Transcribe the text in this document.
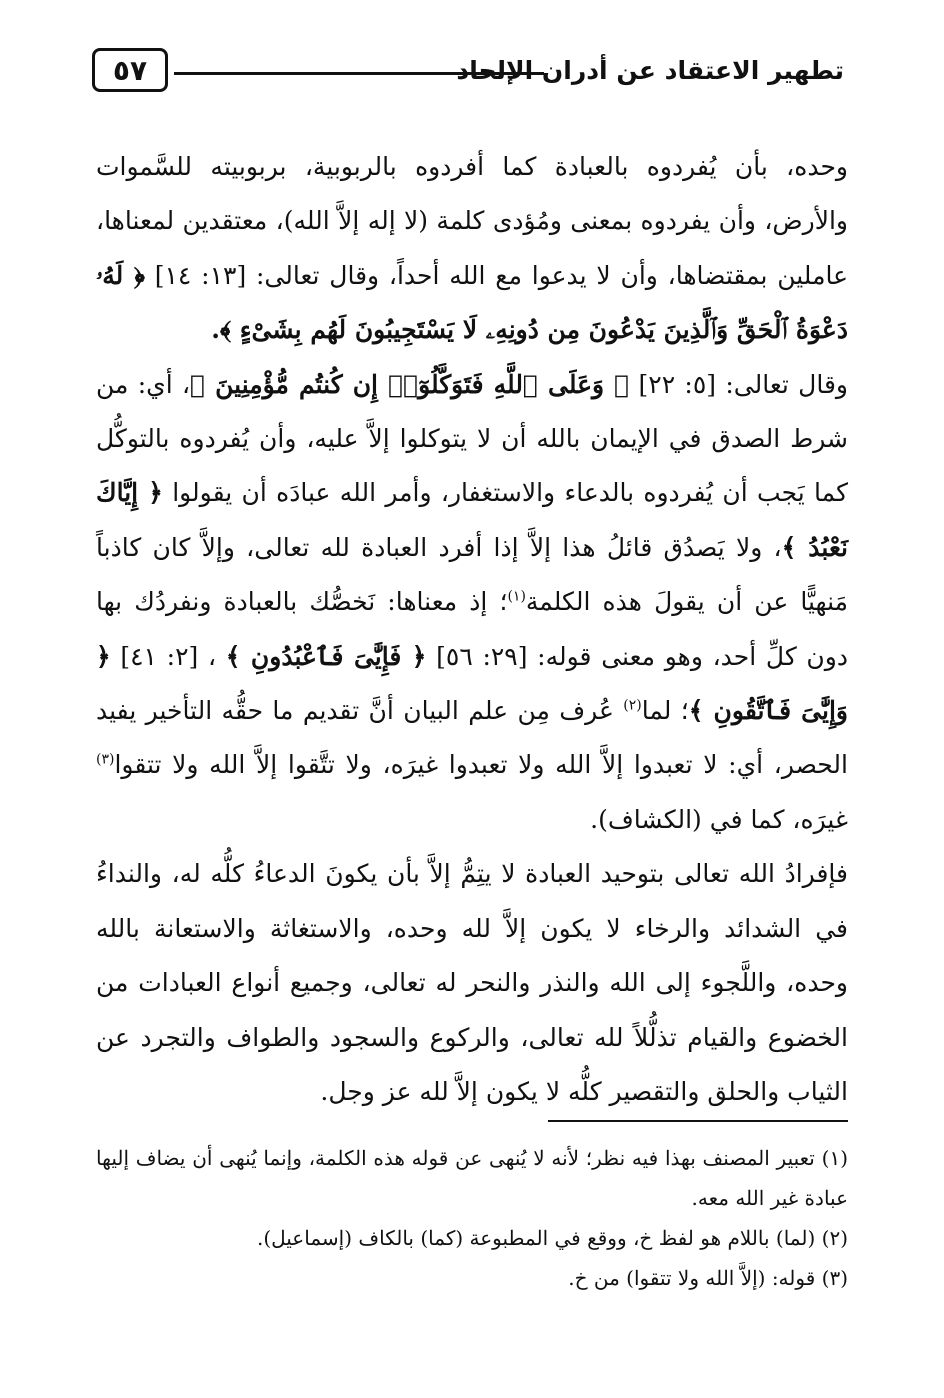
تطهير الاعتقاد عن أدران الإلحاد
٥٧

وحده، بأن يُفردوه بالعبادة كما أفردوه بالربوبية، بربوبيته للسَّموات والأرض، وأن يفردوه بمعنى ومُؤدى كلمة (لا إله إلاَّ الله)، معتقدين لمعناها، عاملين بمقتضاها، وأن لا يدعوا مع الله أحداً، وقال تعالى: [١٣: ١٤] ﴿ لَهُۥ دَعْوَةُ ٱلْحَقِّ وَٱلَّذِينَ يَدْعُونَ مِن دُونِهِۦ لَا يَسْتَجِيبُونَ لَهُم بِشَىْءٍ ﴾.

وقال تعالى: [٥: ٢٢] ﴿ وَعَلَى ٱللَّهِ فَتَوَكَّلُوٓا۟ إِن كُنتُم مُّؤْمِنِينَ ﴾، أي: من شرط الصدق في الإيمان بالله أن لا يتوكلوا إلاَّ عليه، وأن يُفردوه بالتوكُّل كما يَجب أن يُفردوه بالدعاء والاستغفار، وأمر الله عبادَه أن يقولوا ﴿ إِيَّاكَ نَعْبُدُ ﴾، ولا يَصدُق قائلُ هذا إلاَّ إذا أفرد العبادة لله تعالى، وإلاَّ كان كاذباً مَنهيًّا عن أن يقولَ هذه الكلمة$^{(١)}$؛ إذ معناها: نَخصُّك بالعبادة ونفردُك بها دون كلِّ أحد، وهو معنى قوله: [٢٩: ٥٦] ﴿ فَإِيَّٰىَ فَٱعْبُدُونِ ﴾ ، [٢: ٤١] ﴿ وَإِيَّٰىَ فَٱتَّقُونِ ﴾؛ لما$^{(٢)}$ عُرف مِن علم البيان أنَّ تقديم ما حقُّه التأخير يفيد الحصر، أي: لا تعبدوا إلاَّ الله ولا تعبدوا غيرَه، ولا تتَّقوا إلاَّ الله ولا تتقوا$^{(٣)}$ غيرَه، كما في (الكشاف).

فإفرادُ الله تعالى بتوحيد العبادة لا يتِمُّ إلاَّ بأن يكونَ الدعاءُ كلُّه له، والنداءُ في الشدائد والرخاء لا يكون إلاَّ لله وحده، والاستغاثة والاستعانة بالله وحده، واللَّجوء إلى الله والنذر والنحر له تعالى، وجميع أنواع العبادات من الخضوع والقيام تذلُّلاً لله تعالى، والركوع والسجود والطواف والتجرد عن الثياب والحلق والتقصير كلُّه لا يكون إلاَّ لله عز وجل.

(١) تعبير المصنف بهذا فيه نظر؛ لأنه لا يُنهى عن قوله هذه الكلمة، وإنما يُنهى أن يضاف إليها عبادة غير الله معه.

(٢) (لما) باللام هو لفظ خ، ووقع في المطبوعة (كما) بالكاف (إسماعيل).

(٣) قوله: (إلاَّ الله ولا تتقوا) من خ.
